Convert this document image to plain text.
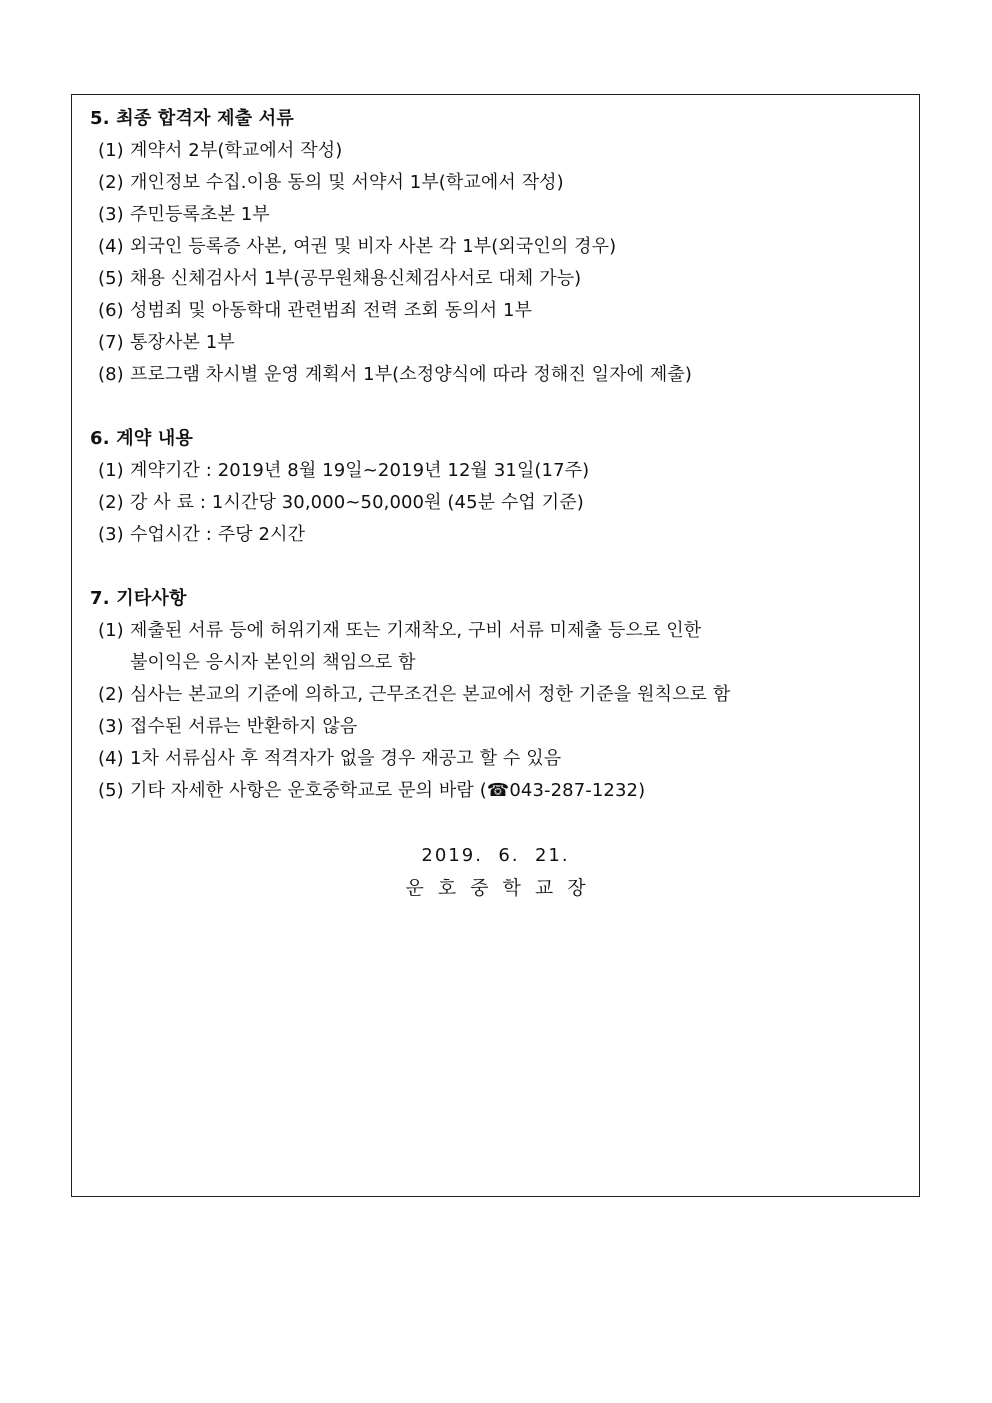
5. 최종 합격자 제출 서류
(1) 계약서 2부(학교에서 작성)
(2) 개인정보 수집.이용 동의 및 서약서 1부(학교에서 작성)
(3) 주민등록초본 1부
(4) 외국인 등록증 사본, 여권 및 비자 사본 각 1부(외국인의 경우)
(5) 채용 신체검사서 1부(공무원채용신체검사서로 대체 가능)
(6) 성범죄 및 아동학대 관련범죄 전력 조회 동의서 1부
(7) 통장사본 1부
(8) 프로그램 차시별 운영 계획서 1부(소정양식에 따라 정해진 일자에 제출)
6. 계약 내용
(1) 계약기간 : 2019년 8월 19일~2019년 12월 31일(17주)
(2) 강 사 료 : 1시간당 30,000~50,000원 (45분 수업 기준)
(3) 수업시간 : 주당 2시간
7. 기타사항
(1) 제출된 서류 등에 허위기재 또는 기재착오, 구비 서류 미제출 등으로 인한
불이익은 응시자 본인의 책임으로 함
(2) 심사는 본교의 기준에 의하고, 근무조건은 본교에서 정한 기준을 원칙으로 함
(3) 접수된 서류는 반환하지 않음
(4) 1차 서류심사 후 적격자가 없을 경우 재공고 할 수 있음
(5) 기타 자세한 사항은 운호중학교로 문의 바람 (☎043-287-1232)
2019.  6.  21.
운호중학교장
